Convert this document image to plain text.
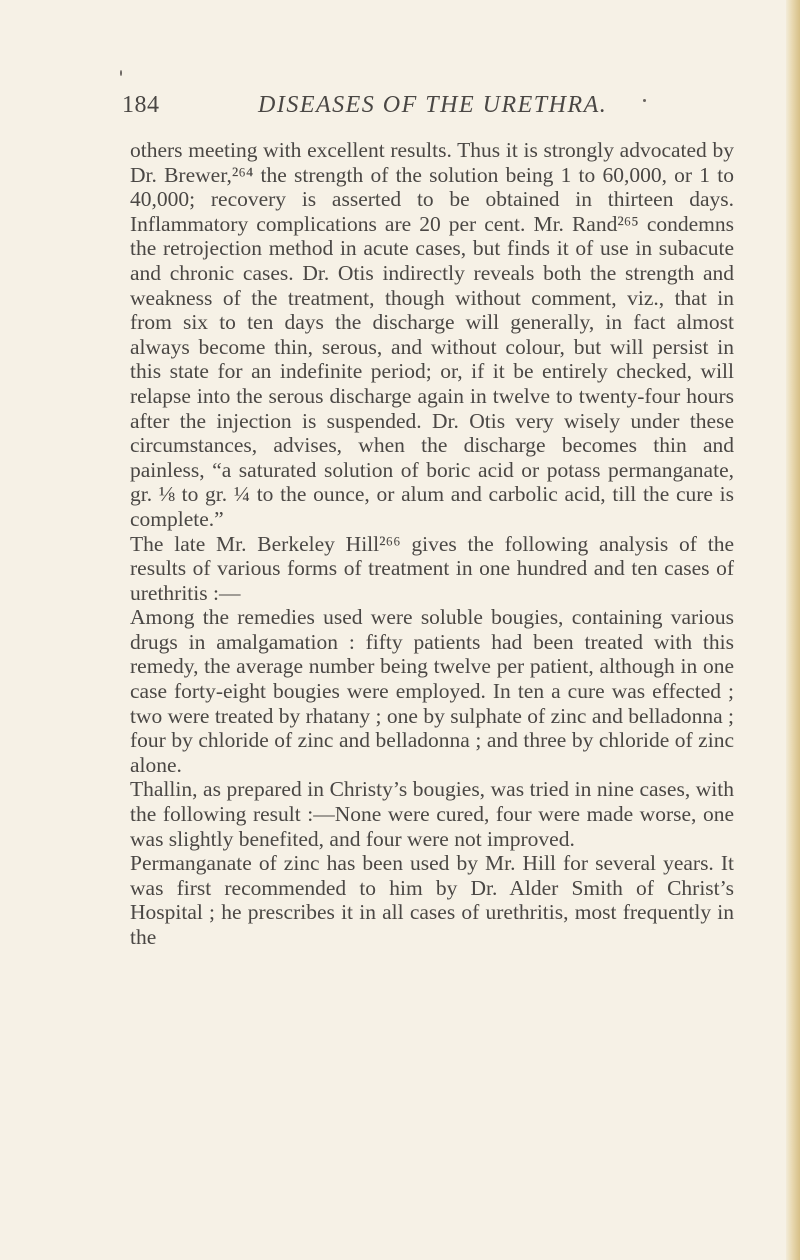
184	DISEASES OF THE URETHRA.

others meeting with excellent results. Thus it is strongly advocated by Dr. Brewer,²⁶⁴ the strength of the solution being 1 to 60,000, or 1 to 40,000; recovery is asserted to be obtained in thirteen days. Inflammatory complications are 20 per cent. Mr. Rand²⁶⁵ condemns the retrojection method in acute cases, but finds it of use in subacute and chronic cases. Dr. Otis indirectly reveals both the strength and weakness of the treatment, though without comment, viz., that in from six to ten days the discharge will generally, in fact almost always become thin, serous, and without colour, but will persist in this state for an indefinite period; or, if it be entirely checked, will relapse into the serous discharge again in twelve to twenty-four hours after the injection is suspended. Dr. Otis very wisely under these circumstances, advises, when the discharge becomes thin and painless, “a saturated solution of boric acid or potass permanganate, gr. ⅛ to gr. ¼ to the ounce, or alum and carbolic acid, till the cure is complete.”

The late Mr. Berkeley Hill²⁶⁶ gives the following analysis of the results of various forms of treatment in one hundred and ten cases of urethritis :—

Among the remedies used were soluble bougies, containing various drugs in amalgamation : fifty patients had been treated with this remedy, the average number being twelve per patient, although in one case forty-eight bougies were employed. In ten a cure was effected ; two were treated by rhatany ; one by sulphate of zinc and belladonna ; four by chloride of zinc and belladonna ; and three by chloride of zinc alone.

Thallin, as prepared in Christy’s bougies, was tried in nine cases, with the following result :—None were cured, four were made worse, one was slightly benefited, and four were not improved.

Permanganate of zinc has been used by Mr. Hill for several years. It was first recommended to him by Dr. Alder Smith of Christ’s Hospital ; he prescribes it in all cases of urethritis, most frequently in the
